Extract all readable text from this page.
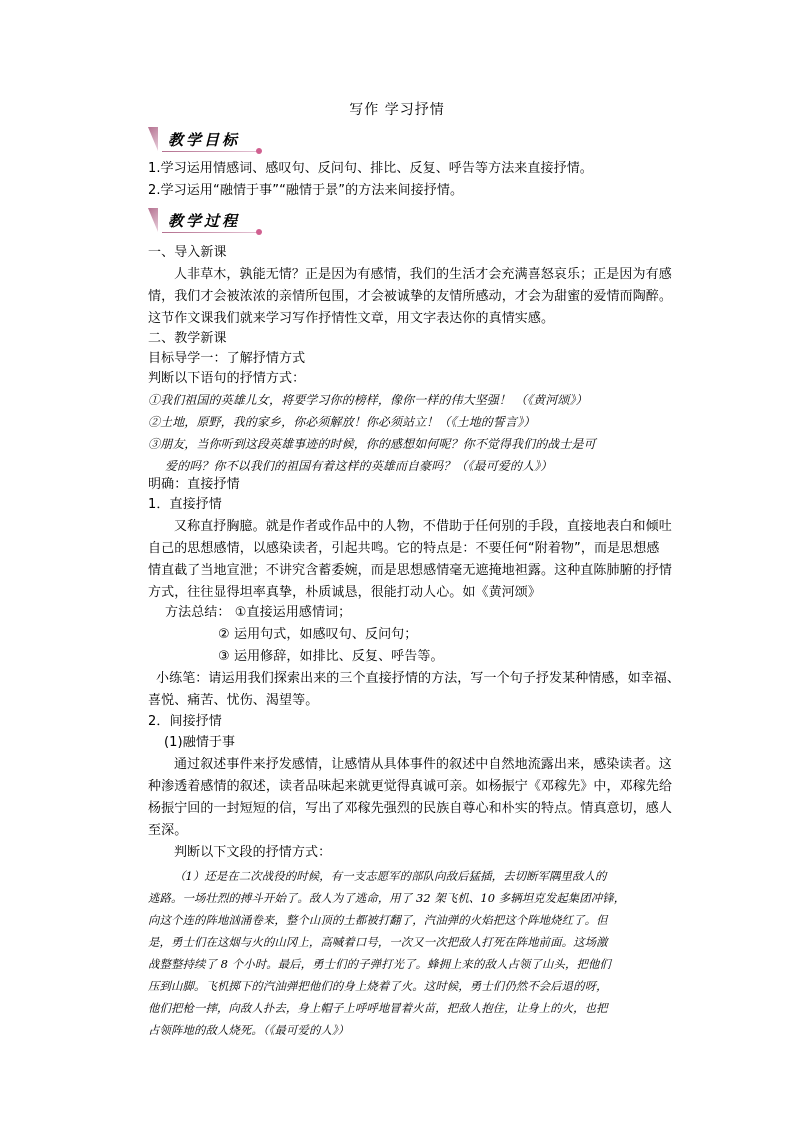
写作 学习抒情
教学目标
1.学习运用情感词、感叹句、反问句、排比、反复、呼告等方法来直接抒情。
2.学习运用“融情于事”“融情于景”的方法来间接抒情。
教学过程
一、导入新课
人非草木，孰能无情？正是因为有感情，我们的生活才会充满喜怒哀乐；正是因为有感
情，我们才会被浓浓的亲情所包围，才会被诚挚的友情所感动，才会为甜蜜的爱情而陶醉。
这节作文课我们就来学习写作抒情性文章，用文字表达你的真情实感。
二、教学新课
目标导学一：了解抒情方式
判断以下语句的抒情方式：
①我们祖国的英雄儿女，将要学习你的榜样，像你一样的伟大坚强！ （《黄河颂》）
②土地，原野，我的家乡，你必须解放！你必须站立！（《土地的誓言》）
③朋友，当你听到这段英雄事迹的时候，你的感想如何呢？你不觉得我们的战士是可
爱的吗？你不以我们的祖国有着这样的英雄而自豪吗？（《最可爱的人》）
明确：直接抒情
1．直接抒情
又称直抒胸臆。就是作者或作品中的人物，不借助于任何别的手段，直接地表白和倾吐
自己的思想感情，以感染读者，引起共鸣。它的特点是：不要任何“附着物”，而是思想感
情直截了当地宣泄；不讲究含蓄委婉，而是思想感情毫无遮掩地袒露。这种直陈肺腑的抒情
方式，往往显得坦率真挚，朴质诚恳，很能打动人心。如《黄河颂》
方法总结： ①直接运用感情词；
② 运用句式，如感叹句、反问句；
③ 运用修辞，如排比、反复、呼告等。
小练笔：请运用我们探索出来的三个直接抒情的方法，写一个句子抒发某种情感，如幸福、
喜悦、痛苦、忧伤、渴望等。
2．间接抒情
(1)融情于事
通过叙述事件来抒发感情，让感情从具体事件的叙述中自然地流露出来，感染读者。这
种渗透着感情的叙述，读者品味起来就更觉得真诚可亲。如杨振宁《邓稼先》中，邓稼先给
杨振宁回的一封短短的信，写出了邓稼先强烈的民族自尊心和朴实的特点。情真意切，感人
至深。
判断以下文段的抒情方式：
（1）还是在二次战役的时候，有一支志愿军的部队向敌后猛插，去切断军隅里敌人的
逃路。一场壮烈的搏斗开始了。敌人为了逃命，用了 32 架飞机、10 多辆坦克发起集团冲锋，
向这个连的阵地汹涌卷来，整个山顶的土都被打翻了，汽油弹的火焰把这个阵地烧红了。但
是，勇士们在这烟与火的山冈上，高喊着口号，一次又一次把敌人打死在阵地前面。这场激
战整整持续了 8 个小时。最后，勇士们的子弹打光了。蜂拥上来的敌人占领了山头，把他们
压到山脚。飞机掷下的汽油弹把他们的身上烧着了火。这时候，勇士们仍然不会后退的呀，
他们把枪一摔，向敌人扑去，身上帽子上呼呼地冒着火苗，把敌人抱住，让身上的火，也把
占领阵地的敌人烧死。（《最可爱的人》）
